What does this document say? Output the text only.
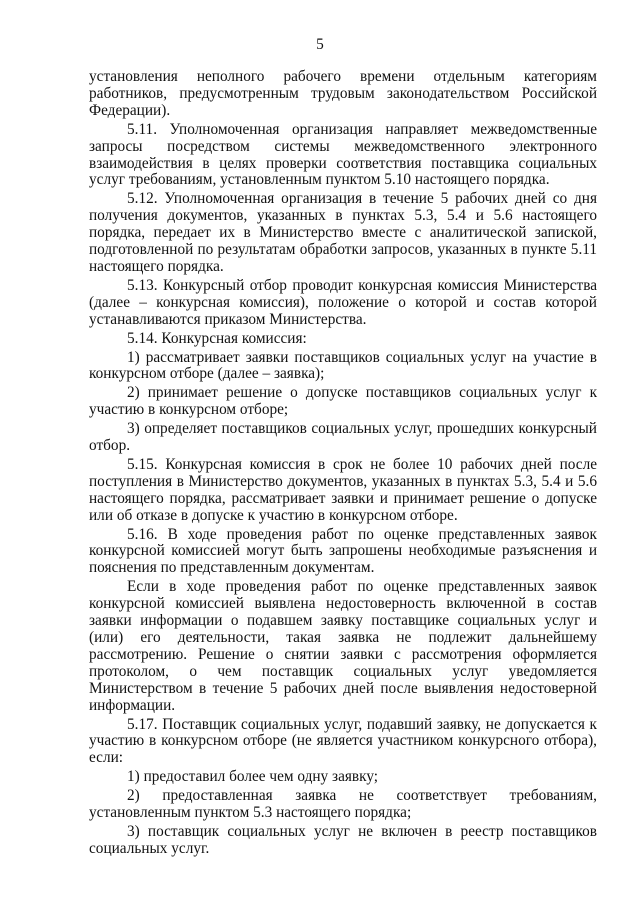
5

установления неполного рабочего времени отдельным категориям работников, предусмотренным трудовым законодательством Российской Федерации).

5.11. Уполномоченная организация направляет межведомственные запросы посредством системы межведомственного электронного взаимодействия в целях проверки соответствия поставщика социальных услуг требованиям, установленным пунктом 5.10 настоящего порядка.

5.12. Уполномоченная организация в течение 5 рабочих дней со дня получения документов, указанных в пунктах 5.3, 5.4 и 5.6 настоящего порядка, передает их в Министерство вместе с аналитической запиской, подготовленной по результатам обработки запросов, указанных в пункте 5.11 настоящего порядка.

5.13. Конкурсный отбор проводит конкурсная комиссия Министерства (далее – конкурсная комиссия), положение о которой и состав которой устанавливаются приказом Министерства.

5.14. Конкурсная комиссия:

1) рассматривает заявки поставщиков социальных услуг на участие в конкурсном отборе (далее – заявка);

2) принимает решение о допуске поставщиков социальных услуг к участию в конкурсном отборе;

3) определяет поставщиков социальных услуг, прошедших конкурсный отбор.

5.15. Конкурсная комиссия в срок не более 10 рабочих дней после поступления в Министерство документов, указанных в пунктах 5.3, 5.4 и 5.6 настоящего порядка, рассматривает заявки и принимает решение о допуске или об отказе в допуске к участию в конкурсном отборе.

5.16. В ходе проведения работ по оценке представленных заявок конкурсной комиссией могут быть запрошены необходимые разъяснения и пояснения по представленным документам.

Если в ходе проведения работ по оценке представленных заявок конкурсной комиссией выявлена недостоверность включенной в состав заявки информации о подавшем заявку поставщике социальных услуг и (или) его деятельности, такая заявка не подлежит дальнейшему рассмотрению. Решение о снятии заявки с рассмотрения оформляется протоколом, о чем поставщик социальных услуг уведомляется Министерством в течение 5 рабочих дней после выявления недостоверной информации.

5.17. Поставщик социальных услуг, подавший заявку, не допускается к участию в конкурсном отборе (не является участником конкурсного отбора), если:

1) предоставил более чем одну заявку;

2) предоставленная заявка не соответствует требованиям, установленным пунктом 5.3 настоящего порядка;

3) поставщик социальных услуг не включен в реестр поставщиков социальных услуг.
